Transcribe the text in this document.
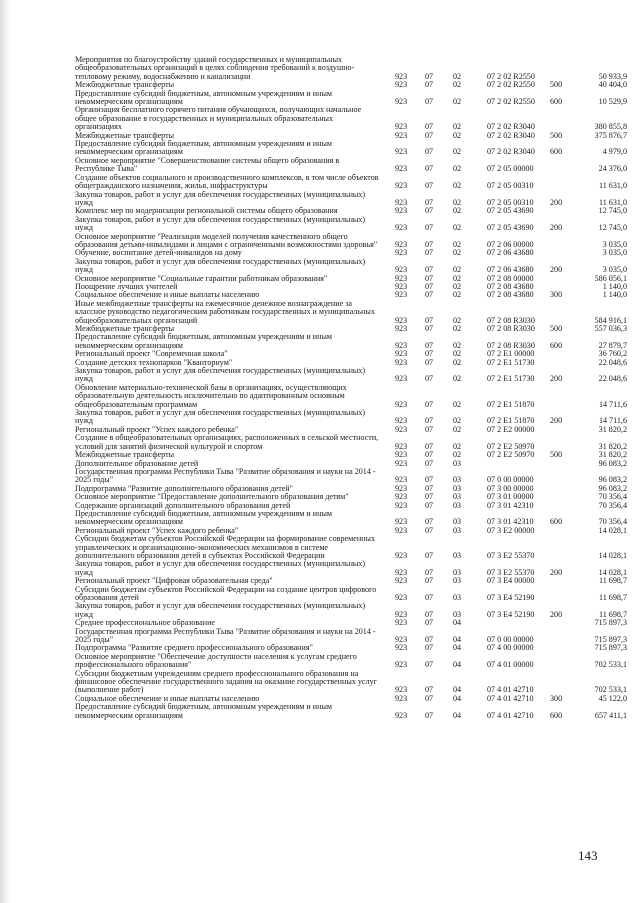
Мероприятия по благоустройству зданий государственных и муниципальных общеобразовательных организаций в целях соблюдения требований к воздушно-тепловому режиму, водоснабжению и канализации	923 07 02	07 2 02 R2550	50 933,9
Межбюджетные трансферты	923 07 02	07 2 02 R2550 500	40 404,0
Предоставление субсидий бюджетным, автономным учреждениям и иным некоммерческим организациям	923 07 02	07 2 02 R2550 600	10 529,9
Организация бесплатного горячего питания обучающихся, получающих начальное общее образование в государственных и муниципальных образовательных организациях	923 07 02	07 2 02 R3040	380 855,8
Межбюджетные трансферты	923 07 02	07 2 02 R3040 500	375 876,7
Предоставление субсидий бюджетным, автономным учреждениям и иным некоммерческим организациям	923 07 02	07 2 02 R3040 600	4 979,0
Основное мероприятие "Совершенствование системы общего образования в Республике Тыва"	923 07 02	07 2 05 00000	24 376,0
Создание объектов социального и производственного комплексов, в том числе объектов общегражданского назначения, жилья, инфраструктуры	923 07 02	07 2 05 00310	11 631,0
Закупка товаров, работ и услуг для обеспечения государственных (муниципальных) нужд	923 07 02	07 2 05 00310 200	11 631,0
Комплекс мер по модернизации региональной системы общего образования	923 07 02	07 2 05 43690	12 745,0
Закупка товаров, работ и услуг для обеспечения государственных (муниципальных) нужд	923 07 02	07 2 05 43690 200	12 745,0
Основное мероприятие "Реализация моделей получения качественного общего образования детьми-инвалидами и лицами с ограниченными возможностями здоровья"	923 07 02	07 2 06 00000	3 035,0
Обучение, воспитание детей-инвалидов на дому	923 07 02	07 2 06 43680	3 035,0
Закупка товаров, работ и услуг для обеспечения государственных (муниципальных) нужд	923 07 02	07 2 06 43680 200	3 035,0
Основное мероприятие "Социальные гарантии работникам образования"	923 07 02	07 2 08 00000	586 056,1
Поощрение лучших учителей	923 07 02	07 2 08 43680	1 140,0
Социальное обеспечение и иные выплаты населению	923 07 02	07 2 08 43680 300	1 140,0
Иные межбюджетные трансферты на ежемесячное денежное вознаграждение за классное руководство педагогическим работникам государственных и муниципальных общеобразовательных организаций	923 07 02	07 2 08 R3030	584 916,1
Межбюджетные трансферты	923 07 02	07 2 08 R3030 500	557 036,3
Предоставление субсидий бюджетным, автономным учреждениям и иным некоммерческим организациям	923 07 02	07 2 08 R3030 600	27 879,7
Региональный проект "Современная школа"	923 07 02	07 2 E1 00000	36 760,2
Создание детских технопарков "Кванториум"	923 07 02	07 2 E1 51730	22 048,6
Закупка товаров, работ и услуг для обеспечения государственных (муниципальных) нужд	923 07 02	07 2 E1 51730 200	22 048,6
Обновление материально-технической базы в организациях, осуществляющих образовательную деятельность исключительно по адаптированным основным общеобразовательным программам	923 07 02	07 2 E1 51870	14 711,6
Закупка товаров, работ и услуг для обеспечения государственных (муниципальных) нужд	923 07 02	07 2 E1 51870 200	14 711,6
Региональный проект "Успех каждого ребенка"	923 07 02	07 2 E2 00000	31 820,2
Создание в общеобразовательных организациях, расположенных в сельской местности, условий для занятий физической культурой и спортом	923 07 02	07 2 E2 50970	31 820,2
Межбюджетные трансферты	923 07 02	07 2 E2 50970 500	31 820,2
Дополнительное образование детей	923 07 03	96 083,2
Государственная программа Республики Тыва "Развитие образования и науки на 2014 - 2025 годы"	923 07 03	07 0 00 00000	96 083,2
Подпрограмма "Развитие дополнительного образования детей"	923 07 03	07 3 00 00000	96 083,2
Основное мероприятие "Предоставление дополнительного образования детям"	923 07 03	07 3 01 00000	70 356,4
Содержание организаций дополнительного образования детей	923 07 03	07 3 01 42310	70 356,4
Предоставление субсидий бюджетным, автономным учреждениям и иным некоммерческим организациям	923 07 03	07 3 01 42310 600	70 356,4
Региональный проект "Успех каждого ребенка"	923 07 03	07 3 E2 00000	14 028,1
Субсидии бюджетам субъектов Российской Федерации на формирование современных управленческих и организационно-экономических механизмов в системе дополнительного образования детей в субъектах Российской Федерации	923 07 03	07 3 E2 55370	14 028,1
Закупка товаров, работ и услуг для обеспечения государственных (муниципальных) нужд	923 07 03	07 3 E2 55370 200	14 028,1
Региональный проект "Цифровая образовательная среда"	923 07 03	07 3 E4 00000	11 698,7
Субсидии бюджетам субъектов Российской Федерации на создание центров цифрового образования детей	923 07 03	07 3 E4 52190	11 698,7
Закупка товаров, работ и услуг для обеспечения государственных (муниципальных) нужд	923 07 03	07 3 E4 52190 200	11 698,7
Среднее профессиональное образование	923 07 04	715 897,3
Государственная программа Республики Тыва "Развитие образования и науки на 2014 - 2025 годы"	923 07 04	07 0 00 00000	715 897,3
Подпрограмма "Развитие среднего профессионального образования"	923 07 04	07 4 00 00000	715 897,3
Основное мероприятие "Обеспечение доступности населения к услугам среднего профессионального образования"	923 07 04	07 4 01 00000	702 533,1
Субсидии бюджетным учреждениям среднего профессионального образования на финансовое обеспечение государственного задания на оказание государственных услуг (выполнение работ)	923 07 04	07 4 01 42710	702 533,1
Социальное обеспечение и иные выплаты населению	923 07 04	07 4 01 42710 300	45 122,0
Предоставление субсидий бюджетным, автономным учреждениям и иным некоммерческим организациям	923 07 04	07 4 01 42710 600	657 411,1
143
